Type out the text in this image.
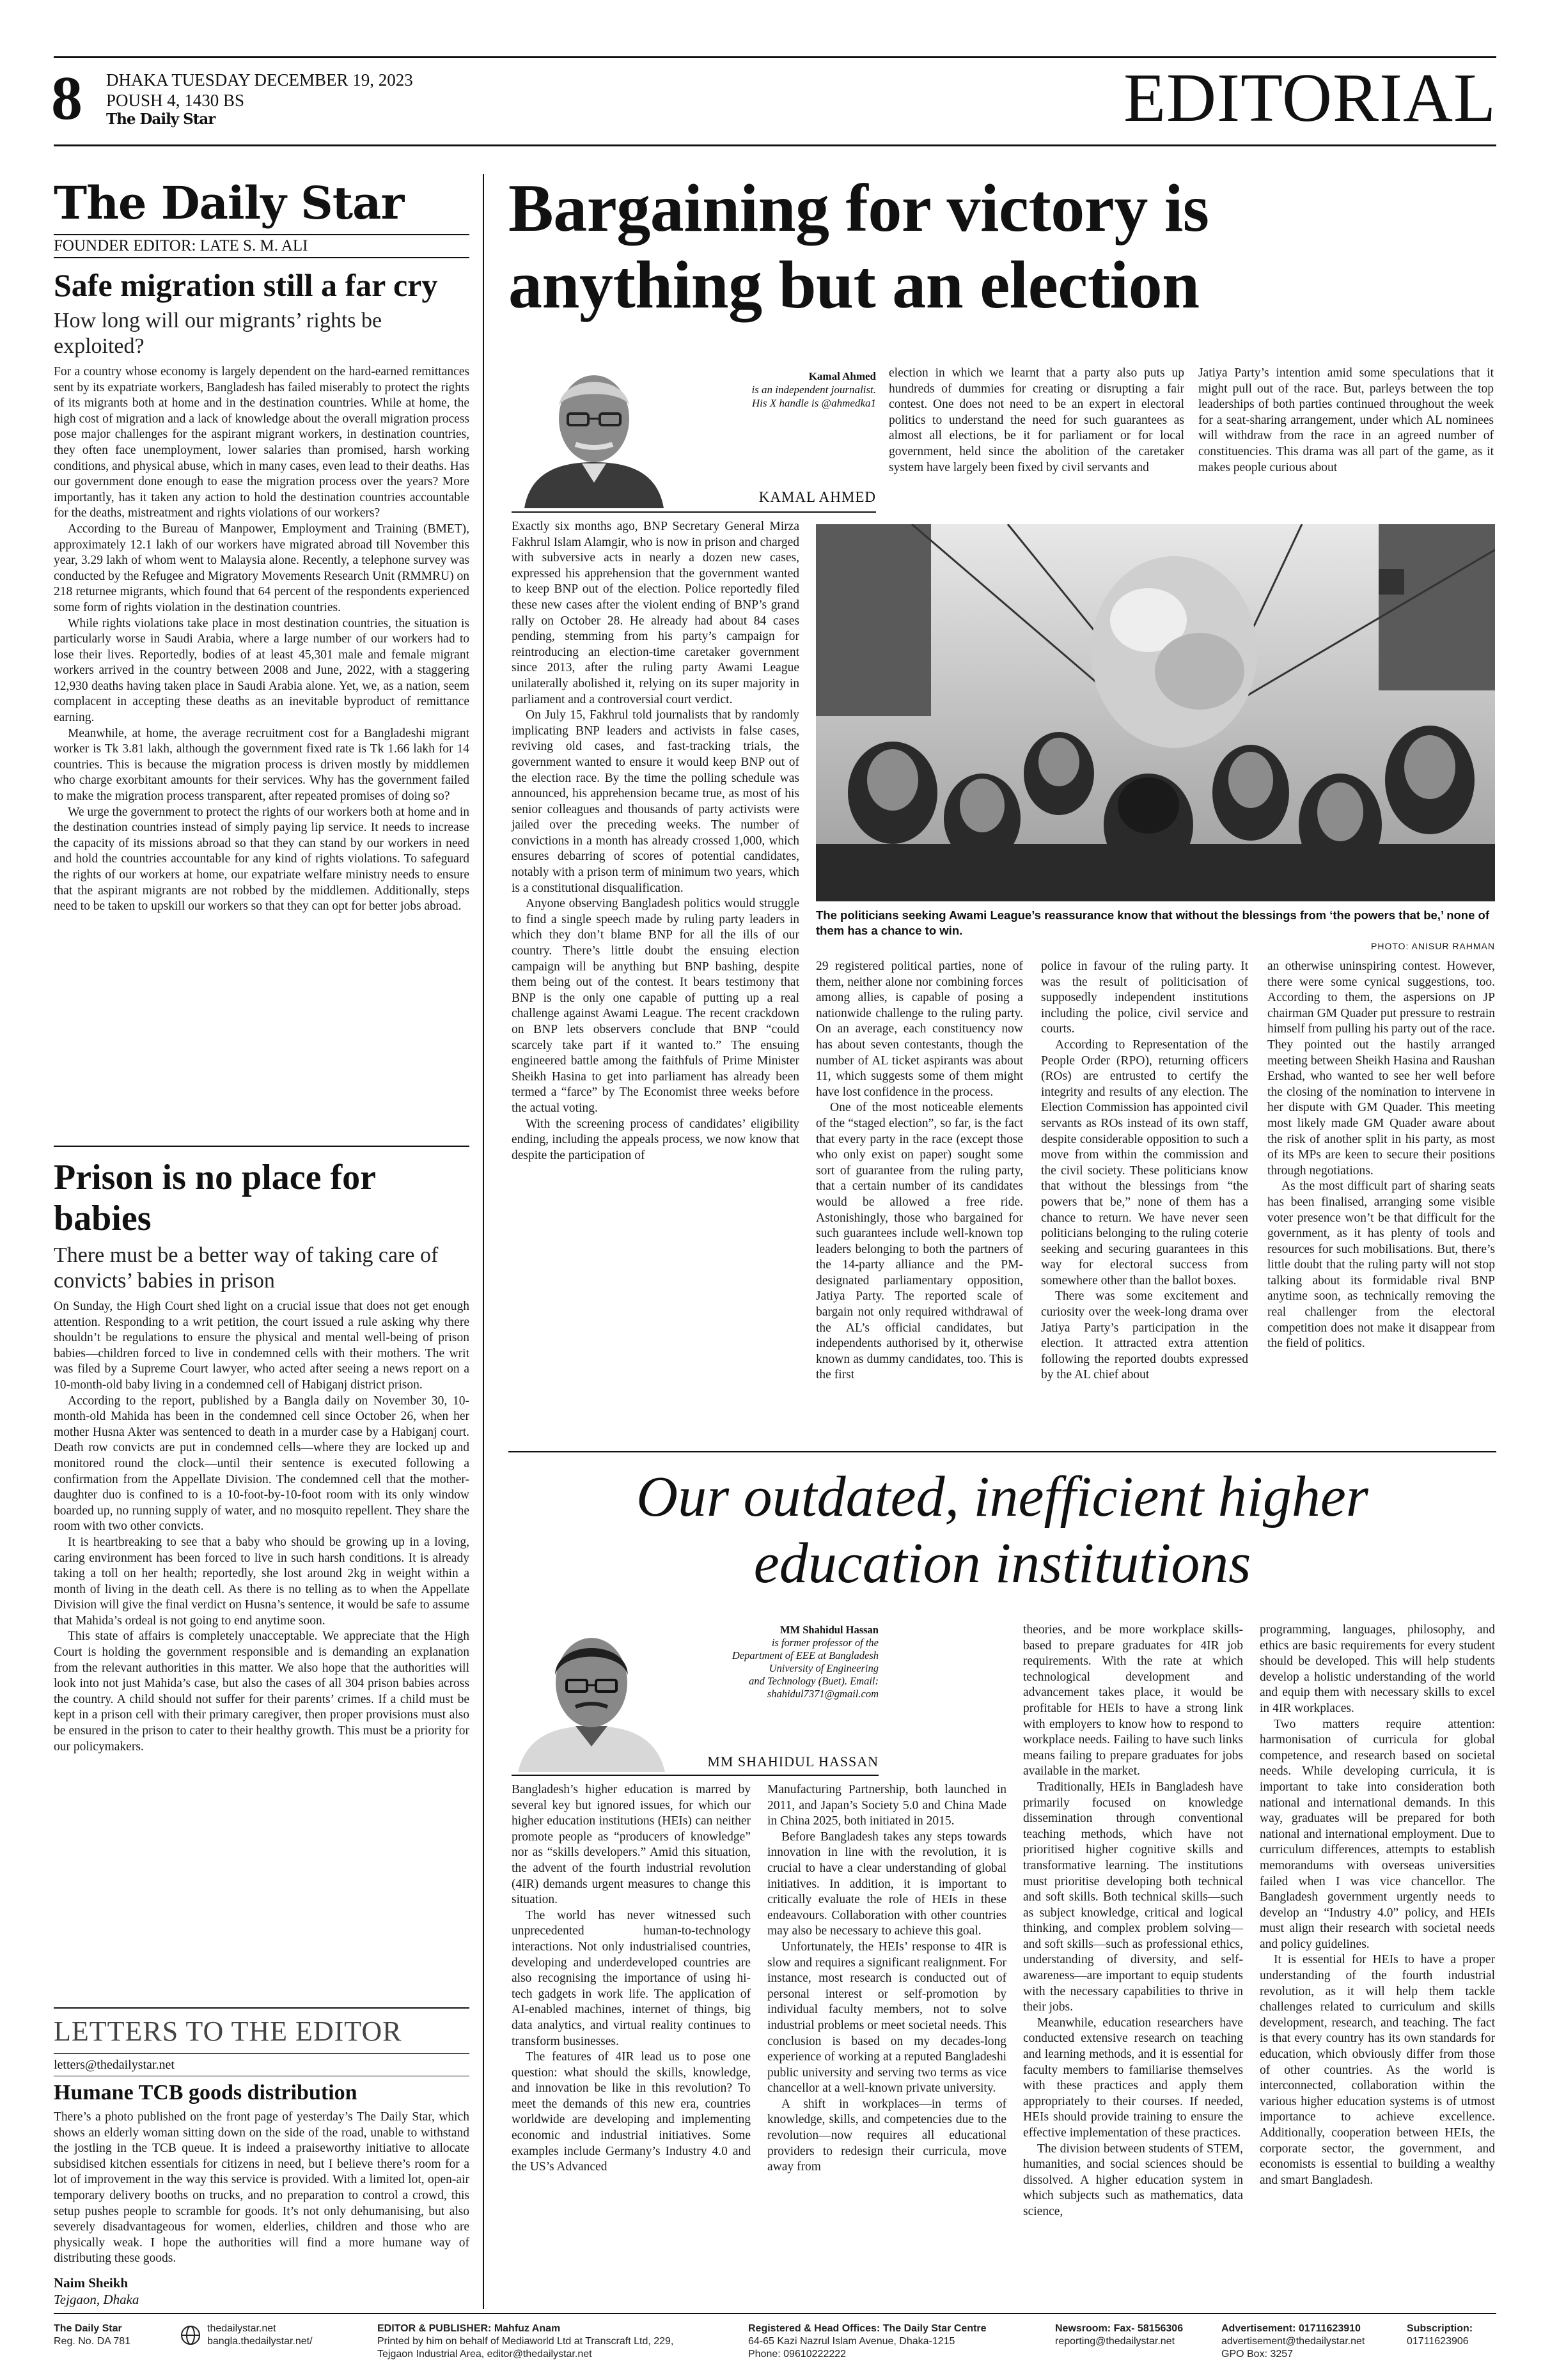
8 DHAKA TUESDAY DECEMBER 19, 2023
POUSH 4, 1430 BS
The Daily Star	EDITORIAL
The Daily Star
FOUNDER EDITOR: LATE S. M. ALI
Safe migration still a far cry
How long will our migrants’ rights be exploited?

For a country whose economy is largely dependent on the hard-earned remittances sent by its expatriate workers, Bangladesh has failed miserably to protect the rights of its migrants both at home and in the destination countries. While at home, the high cost of migration and a lack of knowledge about the overall migration process pose major challenges for the aspirant migrant workers, in destination countries, they often face unemployment, lower salaries than promised, harsh working conditions, and physical abuse, which in many cases, even lead to their deaths. Has our government done enough to ease the migration process over the years? More importantly, has it taken any action to hold the destination countries accountable for the deaths, mistreatment and rights violations of our workers?

According to the Bureau of Manpower, Employment and Training (BMET), approximately 12.1 lakh of our workers have migrated abroad till November this year, 3.29 lakh of whom went to Malaysia alone. Recently, a telephone survey was conducted by the Refugee and Migratory Movements Research Unit (RMMRU) on 218 returnee migrants, which found that 64 percent of the respondents experienced some form of rights violation in the destination countries.

While rights violations take place in most destination countries, the situation is particularly worse in Saudi Arabia, where a large number of our workers had to lose their lives. Reportedly, bodies of at least 45,301 male and female migrant workers arrived in the country between 2008 and June, 2022, with a staggering 12,930 deaths having taken place in Saudi Arabia alone. Yet, we, as a nation, seem complacent in accepting these deaths as an inevitable byproduct of remittance earning.

Meanwhile, at home, the average recruitment cost for a Bangladeshi migrant worker is Tk 3.81 lakh, although the government fixed rate is Tk 1.66 lakh for 14 countries. This is because the migration process is driven mostly by middlemen who charge exorbitant amounts for their services. Why has the government failed to make the migration process transparent, after repeated promises of doing so?

We urge the government to protect the rights of our workers both at home and in the destination countries instead of simply paying lip service. It needs to increase the capacity of its missions abroad so that they can stand by our workers in need and hold the countries accountable for any kind of rights violations. To safeguard the rights of our workers at home, our expatriate welfare ministry needs to ensure that the aspirant migrants are not robbed by the middlemen. Additionally, steps need to be taken to upskill our workers so that they can opt for better jobs abroad.

Prison is no place for babies
There must be a better way of taking care of convicts’ babies in prison

On Sunday, the High Court shed light on a crucial issue that does not get enough attention. Responding to a writ petition, the court issued a rule asking why there shouldn’t be regulations to ensure the physical and mental well-being of prison babies—children forced to live in condemned cells with their mothers. The writ was filed by a Supreme Court lawyer, who acted after seeing a news report on a 10-month-old baby living in a condemned cell of Habiganj district prison.

According to the report, published by a Bangla daily on November 30, 10-month-old Mahida has been in the condemned cell since October 26, when her mother Husna Akter was sentenced to death in a murder case by a Habiganj court. Death row convicts are put in condemned cells—where they are locked up and monitored round the clock—until their sentence is executed following a confirmation from the Appellate Division. The condemned cell that the mother-daughter duo is confined to is a 10-foot-by-10-foot room with its only window boarded up, no running supply of water, and no mosquito repellent. They share the room with two other convicts.

It is heartbreaking to see that a baby who should be growing up in a loving, caring environment has been forced to live in such harsh conditions. It is already taking a toll on her health; reportedly, she lost around 2kg in weight within a month of living in the death cell. As there is no telling as to when the Appellate Division will give the final verdict on Husna’s sentence, it would be safe to assume that Mahida’s ordeal is not going to end anytime soon.

This state of affairs is completely unacceptable. We appreciate that the High Court is holding the government responsible and is demanding an explanation from the relevant authorities in this matter. We also hope that the authorities will look into not just Mahida’s case, but also the cases of all 304 prison babies across the country. A child should not suffer for their parents’ crimes. If a child must be kept in a prison cell with their primary caregiver, then proper provisions must also be ensured in the prison to cater to their healthy growth. This must be a priority for our policymakers.

LETTERS TO THE EDITOR
letters@thedailystar.net
Humane TCB goods distribution
There’s a photo published on the front page of yesterday’s The Daily Star, which shows an elderly woman sitting down on the side of the road, unable to withstand the jostling in the TCB queue. It is indeed a praiseworthy initiative to allocate subsidised kitchen essentials for citizens in need, but I believe there’s room for a lot of improvement in the way this service is provided. With a limited lot, open-air temporary delivery booths on trucks, and no preparation to control a crowd, this setup pushes people to scramble for goods. It’s not only dehumanising, but also severely disadvantageous for women, elderlies, children and those who are physically weak. I hope the authorities will find a more humane way of distributing these goods.
Naim Sheikh
Tejgaon, Dhaka
Bargaining for victory is
anything but an election
Kamal Ahmed
is an independent journalist.
His X handle is @ahmedka1
KAMAL AHMED
election in which we learnt that a party also puts up hundreds of dummies for creating or disrupting a fair contest. One does not need to be an expert in electoral politics to understand the need for such guarantees as almost all elections, be it for parliament or for local government, held since the abolition of the caretaker system have largely been fixed by civil servants and
Jatiya Party’s intention amid some speculations that it might pull out of the race. But, parleys between the top leaderships of both parties continued throughout the week for a seat-sharing arrangement, under which AL nominees will withdraw from the race in an agreed number of constituencies. This drama was all part of the game, as it makes people curious about

Exactly six months ago, BNP Secretary General Mirza Fakhrul Islam Alamgir, who is now in prison and charged with subversive acts in nearly a dozen new cases, expressed his apprehension that the government wanted to keep BNP out of the election. Police reportedly filed these new cases after the violent ending of BNP’s grand rally on October 28. He already had about 84 cases pending, stemming from his party’s campaign for reintroducing an election-time caretaker government since 2013, after the ruling party Awami League unilaterally abolished it, relying on its super majority in parliament and a controversial court verdict.

On July 15, Fakhrul told journalists that by randomly implicating BNP leaders and activists in false cases, reviving old cases, and fast-tracking trials, the government wanted to ensure it would keep BNP out of the election race. By the time the polling schedule was announced, his apprehension became true, as most of his senior colleagues and thousands of party activists were jailed over the preceding weeks. The number of convictions in a month has already crossed 1,000, which ensures debarring of scores of potential candidates, notably with a prison term of minimum two years, which is a constitutional disqualification.

Anyone observing Bangladesh politics would struggle to find a single speech made by ruling party leaders in which they don’t blame BNP for all the ills of our country. There’s little doubt the ensuing election campaign will be anything but BNP bashing, despite them being out of the contest. It bears testimony that BNP is the only one capable of putting up a real challenge against Awami League. The recent crackdown on BNP lets observers conclude that BNP “could scarcely take part if it wanted to.” The ensuing engineered battle among the faithfuls of Prime Minister Sheikh Hasina to get into parliament has already been termed a “farce” by The Economist three weeks before the actual voting.

With the screening process of candidates’ eligibility ending, including the appeals process, we now know that despite the participation of

The politicians seeking Awami League’s reassurance know that without the blessings from ‘the powers that be,’ none of them has a chance to win.
PHOTO: ANISUR RAHMAN

29 registered political parties, none of them, neither alone nor combining forces among allies, is capable of posing a nationwide challenge to the ruling party. On an average, each constituency now has about seven contestants, though the number of AL ticket aspirants was about 11, which suggests some of them might have lost confidence in the process.

One of the most noticeable elements of the “staged election”, so far, is the fact that every party in the race (except those who only exist on paper) sought some sort of guarantee from the ruling party, that a certain number of its candidates would be allowed a free ride. Astonishingly, those who bargained for such guarantees include well-known top leaders belonging to both the partners of the 14-party alliance and the PM-designated parliamentary opposition, Jatiya Party. The reported scale of bargain not only required withdrawal of the AL’s official candidates, but independents authorised by it, otherwise known as dummy candidates, too. This is the first

police in favour of the ruling party. It was the result of politicisation of supposedly independent institutions including the police, civil service and courts.

According to Representation of the People Order (RPO), returning officers (ROs) are entrusted to certify the integrity and results of any election. The Election Commission has appointed civil servants as ROs instead of its own staff, despite considerable opposition to such a move from within the commission and the civil society. These politicians know that without the blessings from “the powers that be,” none of them has a chance to return. We have never seen politicians belonging to the ruling coterie seeking and securing guarantees in this way for electoral success from somewhere other than the ballot boxes.

There was some excitement and curiosity over the week-long drama over Jatiya Party’s participation in the election. It attracted extra attention following the reported doubts expressed by the AL chief about

an otherwise uninspiring contest. However, there were some cynical suggestions, too. According to them, the aspersions on JP chairman GM Quader put pressure to restrain himself from pulling his party out of the race. They pointed out the hastily arranged meeting between Sheikh Hasina and Raushan Ershad, who wanted to see her well before the closing of the nomination to intervene in her dispute with GM Quader. This meeting most likely made GM Quader aware about the risk of another split in his party, as most of its MPs are keen to secure their positions through negotiations.

As the most difficult part of sharing seats has been finalised, arranging some visible voter presence won’t be that difficult for the government, as it has plenty of tools and resources for such mobilisations. But, there’s little doubt that the ruling party will not stop talking about its formidable rival BNP anytime soon, as technically removing the real challenger from the electoral competition does not make it disappear from the field of politics.

Our outdated, inefficient higher
education institutions
MM Shahidul Hassan
is former professor of the
Department of EEE at Bangladesh
University of Engineering
and Technology (Buet). Email:
shahidul7371@gmail.com
MM SHAHIDUL HASSAN

Bangladesh’s higher education is marred by several key but ignored issues, for which our higher education institutions (HEIs) can neither promote people as “producers of knowledge” nor as “skills developers.” Amid this situation, the advent of the fourth industrial revolution (4IR) demands urgent measures to change this situation.

The world has never witnessed such unprecedented human-to-technology interactions. Not only industrialised countries, developing and underdeveloped countries are also recognising the importance of using hi-tech gadgets in work life. The application of AI-enabled machines, internet of things, big data analytics, and virtual reality continues to transform businesses.

The features of 4IR lead us to pose one question: what should the skills, knowledge, and innovation be like in this revolution? To meet the demands of this new era, countries worldwide are developing and implementing economic and industrial initiatives. Some examples include Germany’s Industry 4.0 and the US’s Advanced

Manufacturing Partnership, both launched in 2011, and Japan’s Society 5.0 and China Made in China 2025, both initiated in 2015.

Before Bangladesh takes any steps towards innovation in line with the revolution, it is crucial to have a clear understanding of global initiatives. In addition, it is important to critically evaluate the role of HEIs in these endeavours. Collaboration with other countries may also be necessary to achieve this goal.

Unfortunately, the HEIs’ response to 4IR is slow and requires a significant realignment. For instance, most research is conducted out of personal interest or self-promotion by individual faculty members, not to solve industrial problems or meet societal needs. This conclusion is based on my decades-long experience of working at a reputed Bangladeshi public university and serving two terms as vice chancellor at a well-known private university.

A shift in workplaces—in terms of knowledge, skills, and competencies due to the revolution—now requires all educational providers to redesign their curricula, move away from

theories, and be more workplace skills-based to prepare graduates for 4IR job requirements. With the rate at which technological development and advancement takes place, it would be profitable for HEIs to have a strong link with employers to know how to respond to workplace needs. Failing to have such links means failing to prepare graduates for jobs available in the market.

Traditionally, HEIs in Bangladesh have primarily focused on knowledge dissemination through conventional teaching methods, which have not prioritised higher cognitive skills and transformative learning. The institutions must prioritise developing both technical and soft skills. Both technical skills—such as subject knowledge, critical and logical thinking, and complex problem solving—and soft skills—such as professional ethics, understanding of diversity, and self-awareness—are important to equip students with the necessary capabilities to thrive in their jobs.

Meanwhile, education researchers have conducted extensive research on teaching and learning methods, and it is essential for faculty members to familiarise themselves with these practices and apply them appropriately to their courses. If needed, HEIs should provide training to ensure the effective implementation of these practices.

The division between students of STEM, humanities, and social sciences should be dissolved. A higher education system in which subjects such as mathematics, data science,

programming, languages, philosophy, and ethics are basic requirements for every student should be developed. This will help students develop a holistic understanding of the world and equip them with necessary skills to excel in 4IR workplaces.

Two matters require attention: harmonisation of curricula for global competence, and research based on societal needs. While developing curricula, it is important to take into consideration both national and international demands. In this way, graduates will be prepared for both national and international employment. Due to curriculum differences, attempts to establish memorandums with overseas universities failed when I was vice chancellor. The Bangladesh government urgently needs to develop an “Industry 4.0” policy, and HEIs must align their research with societal needs and policy guidelines.

It is essential for HEIs to have a proper understanding of the fourth industrial revolution, as it will help them tackle challenges related to curriculum and skills development, research, and teaching. The fact is that every country has its own standards for education, which obviously differ from those of other countries. As the world is interconnected, collaboration within the various higher education systems is of utmost importance to achieve excellence. Additionally, cooperation between HEIs, the corporate sector, the government, and economists is essential to building a wealthy and smart Bangladesh.

The Daily Star
Reg. No. DA 781
thedailystar.net
bangla.thedailystar.net/
EDITOR & PUBLISHER: Mahfuz Anam
Printed by him on behalf of Mediaworld Ltd at Transcraft Ltd, 229,
Tejgaon Industrial Area, editor@thedailystar.net
Registered & Head Offices: The Daily Star Centre
64-65 Kazi Nazrul Islam Avenue, Dhaka-1215
Phone: 09610222222
Newsroom: Fax- 58156306
reporting@thedailystar.net
Advertisement: 01711623910
advertisement@thedailystar.net
GPO Box: 3257
Subscription:
01711623906
